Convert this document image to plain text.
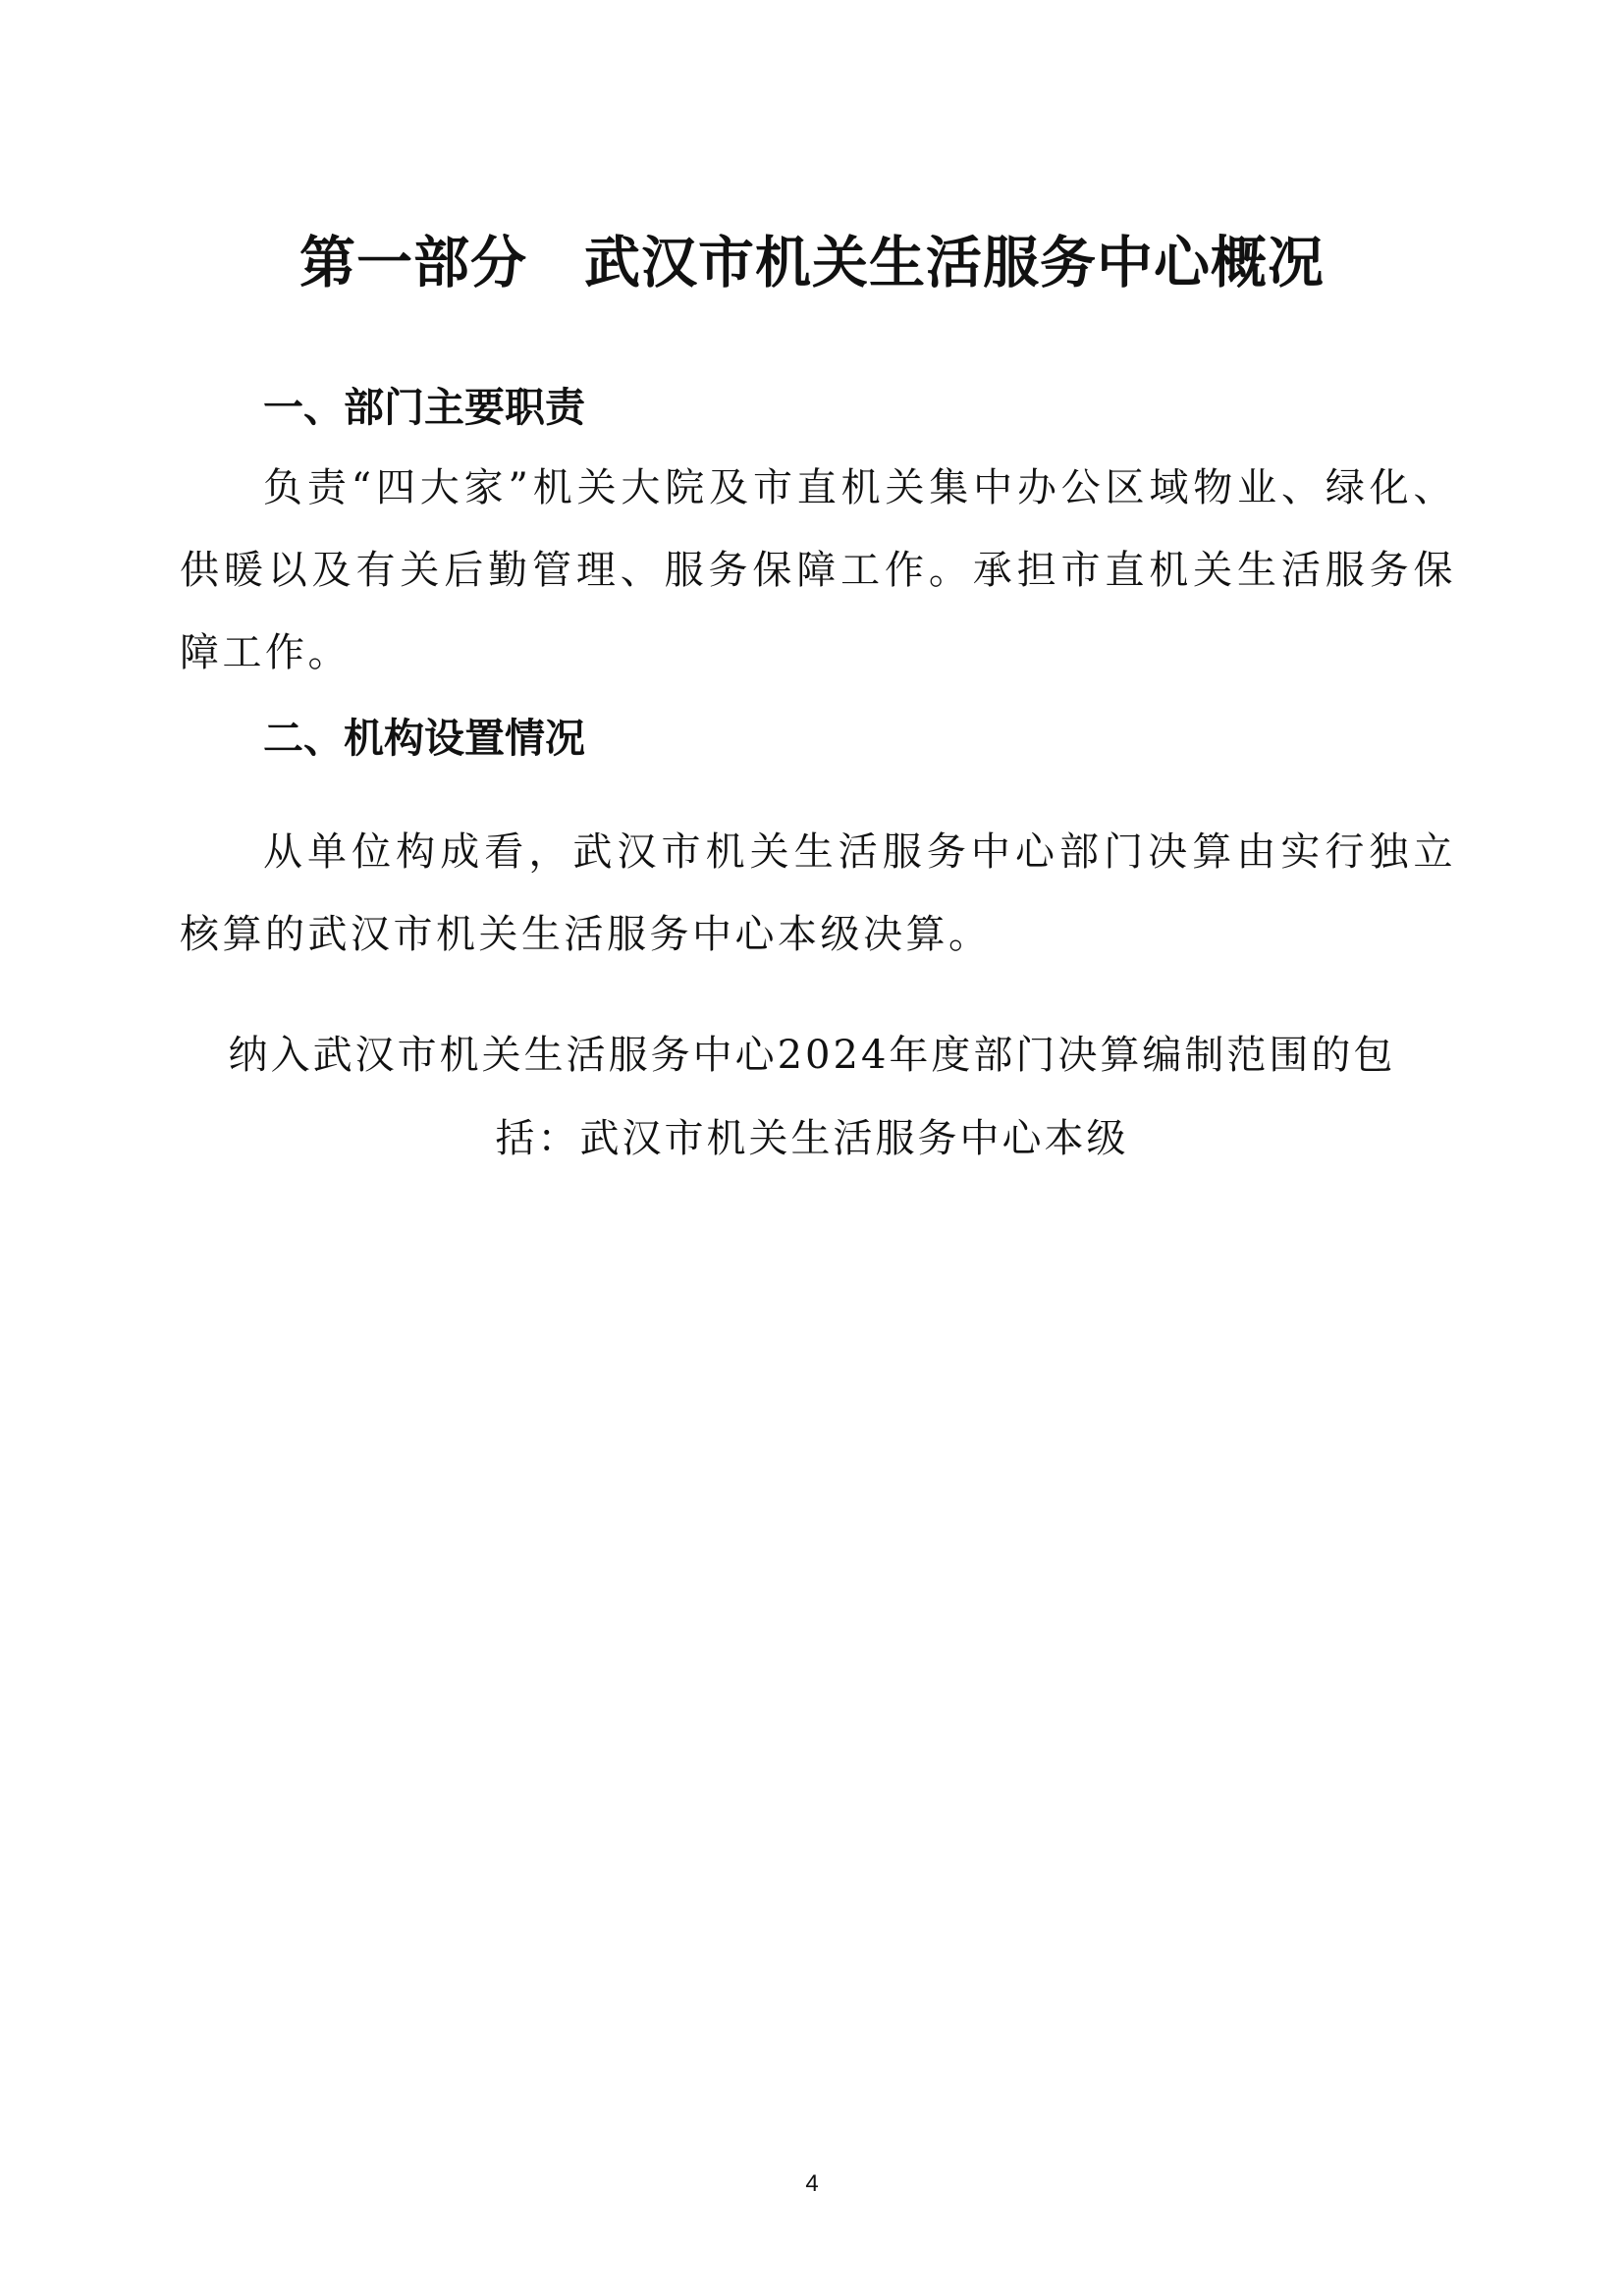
第一部分　武汉市机关生活服务中心概况
一、部门主要职责
负责“四大家”机关大院及市直机关集中办公区域物业、绿化、供暖以及有关后勤管理、服务保障工作。承担市直机关生活服务保障工作。
二、机构设置情况
从单位构成看，武汉市机关生活服务中心部门决算由实行独立核算的武汉市机关生活服务中心本级决算。
纳入武汉市机关生活服务中心2024年度部门决算编制范围的包
括：武汉市机关生活服务中心本级
4
